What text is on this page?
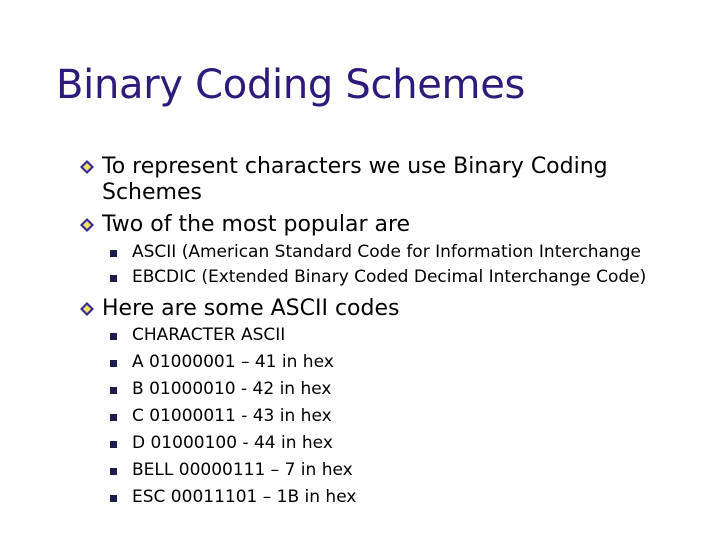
Binary Coding Schemes
To represent characters we use Binary Coding
Schemes
Two of the most popular are
ASCII (American Standard Code for Information Interchange
EBCDIC (Extended Binary Coded Decimal Interchange Code)
Here are some ASCII codes
CHARACTER ASCII
A 01000001 – 41 in hex
B 01000010 - 42 in hex
C 01000011 - 43 in hex
D 01000100 - 44 in hex
BELL 00000111 – 7 in hex
ESC 00011101 – 1B in hex
